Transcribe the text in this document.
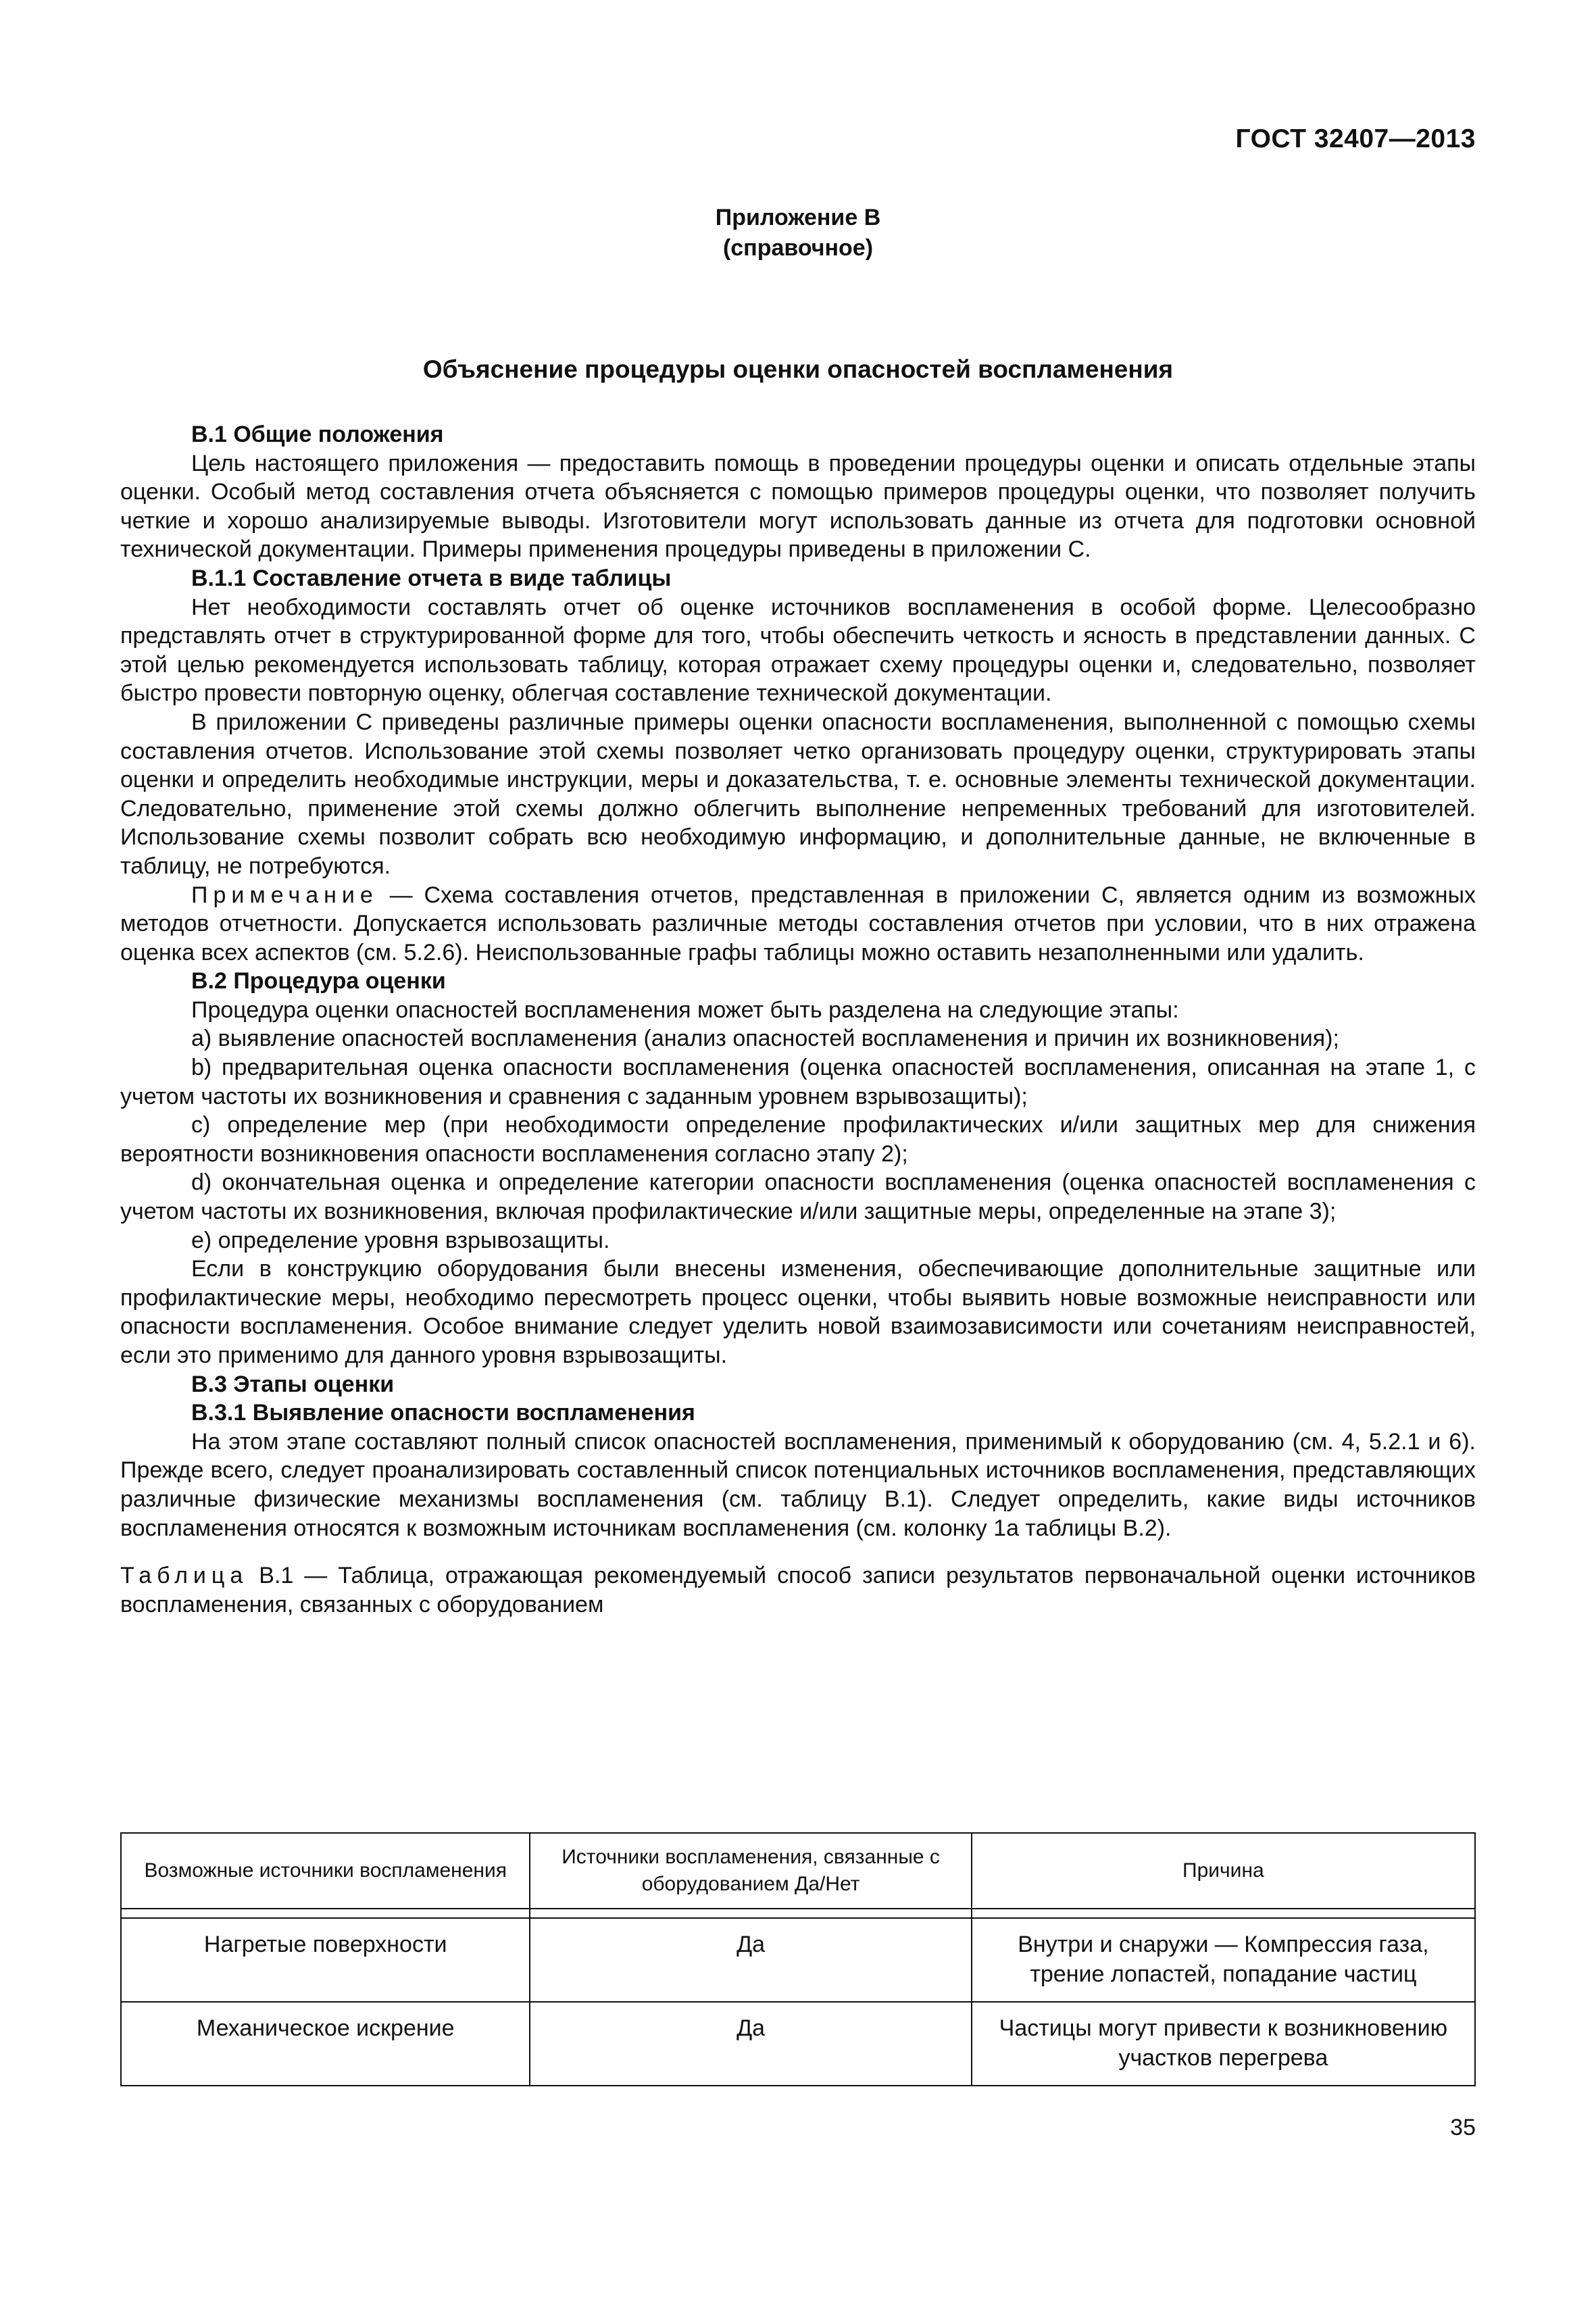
ГОСТ 32407—2013
Приложение В
(справочное)
Объяснение процедуры оценки опасностей воспламенения
В.1 Общие положения

Цель настоящего приложения — предоставить помощь в проведении процедуры оценки и описать отдельные этапы оценки. Особый метод составления отчета объясняется с помощью примеров процедуры оценки, что позволяет получить четкие и хорошо анализируемые выводы. Изготовители могут использовать данные из отчета для подготовки основной технической документации. Примеры применения процедуры приведены в приложении С.

В.1.1 Составление отчета в виде таблицы

Нет необходимости составлять отчет об оценке источников воспламенения в особой форме. Целесообразно представлять отчет в структурированной форме для того, чтобы обеспечить четкость и ясность в представлении данных. С этой целью рекомендуется использовать таблицу, которая отражает схему процедуры оценки и, следовательно, позволяет быстро провести повторную оценку, облегчая составление технической документации.

В приложении С приведены различные примеры оценки опасности воспламенения, выполненной с помощью схемы составления отчетов. Использование этой схемы позволяет четко организовать процедуру оценки, структурировать этапы оценки и определить необходимые инструкции, меры и доказательства, т. е. основные элементы технической документации. Следовательно, применение этой схемы должно облегчить выполнение непременных требований для изготовителей. Использование схемы позволит собрать всю необходимую информацию, и дополнительные данные, не включенные в таблицу, не потребуются.

Примечание — Схема составления отчетов, представленная в приложении С, является одним из возможных методов отчетности. Допускается использовать различные методы составления отчетов при условии, что в них отражена оценка всех аспектов (см. 5.2.6). Неиспользованные графы таблицы можно оставить незаполненными или удалить.

В.2 Процедура оценки

Процедура оценки опасностей воспламенения может быть разделена на следующие этапы:

а) выявление опасностей воспламенения (анализ опасностей воспламенения и причин их возникновения);

b) предварительная оценка опасности воспламенения (оценка опасностей воспламенения, описанная на этапе 1, с учетом частоты их возникновения и сравнения с заданным уровнем взрывозащиты);

с) определение мер (при необходимости определение профилактических и/или защитных мер для снижения вероятности возникновения опасности воспламенения согласно этапу 2);

d) окончательная оценка и определение категории опасности воспламенения (оценка опасностей воспламенения с учетом частоты их возникновения, включая профилактические и/или защитные меры, определенные на этапе 3);

е) определение уровня взрывозащиты.

Если в конструкцию оборудования были внесены изменения, обеспечивающие дополнительные защитные или профилактические меры, необходимо пересмотреть процесс оценки, чтобы выявить новые возможные неисправности или опасности воспламенения. Особое внимание следует уделить новой взаимозависимости или сочетаниям неисправностей, если это применимо для данного уровня взрывозащиты.

В.3 Этапы оценки
В.3.1 Выявление опасности воспламенения

На этом этапе составляют полный список опасностей воспламенения, применимый к оборудованию (см. 4, 5.2.1 и 6). Прежде всего, следует проанализировать составленный список потенциальных источников воспламенения, представляющих различные физические механизмы воспламенения (см. таблицу В.1). Следует определить, какие виды источников воспламенения относятся к возможным источникам воспламенения (см. колонку 1а таблицы В.2).

Таблица В.1 — Таблица, отражающая рекомендуемый способ записи результатов первоначальной оценки источников воспламенения, связанных с оборудованием

Возможные источники воспламенения	Источники воспламенения, связанные с оборудованием Да/Нет	Причина

Нагретые поверхности	Да	Внутри и снаружи — Компрессия газа, трение лопастей, попадание частиц
Механическое искрение	Да	Частицы могут привести к возникновению участков перегрева
35
